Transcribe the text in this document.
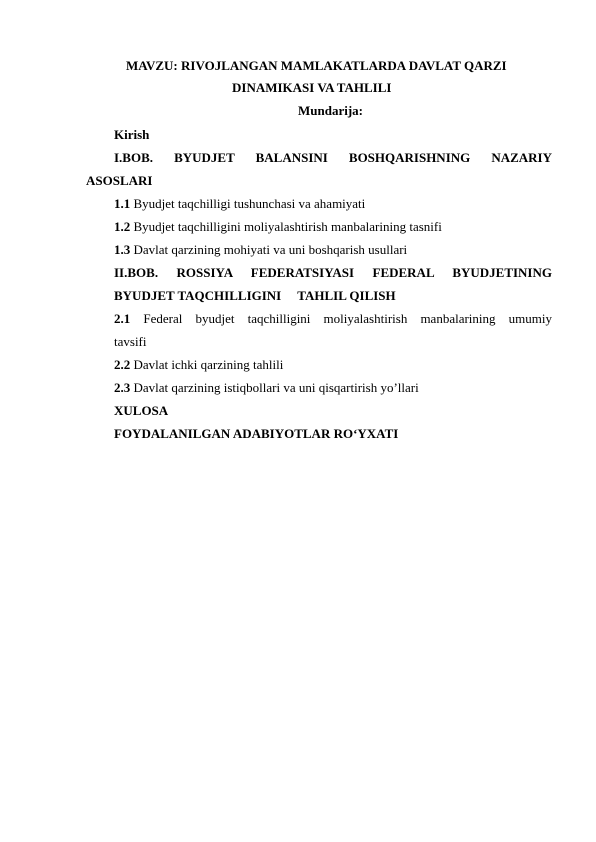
MAVZU: RIVOJLANGAN MAMLAKATLARDA DAVLAT QARZI
DINAMIKASI VA TAHLILI
Mundarija:
Kirish
I.BOB. BYUDJET BALANSINI BOSHQARISHNING NAZARIY
ASOSLARI
1.1 Byudjet taqchilligi tushunchasi va ahamiyati
1.2 Byudjet taqchilligini moliyalashtirish manbalarining tasnifi
1.3 Davlat qarzining mohiyati va uni boshqarish usullari
II.BOB. ROSSIYA FEDERATSIYASI FEDERAL BYUDJETINING
BYUDJET TAQCHILLIGINI     TAHLIL QILISH
2.1 Federal byudjet taqchilligini moliyalashtirish manbalarining umumiy
tavsifi
2.2 Davlat ichki qarzining tahlili
2.3 Davlat qarzining istiqbollari va uni qisqartirish yo’llari
XULOSA
FOYDALANILGAN ADABIYOTLAR RO‘YXATI
